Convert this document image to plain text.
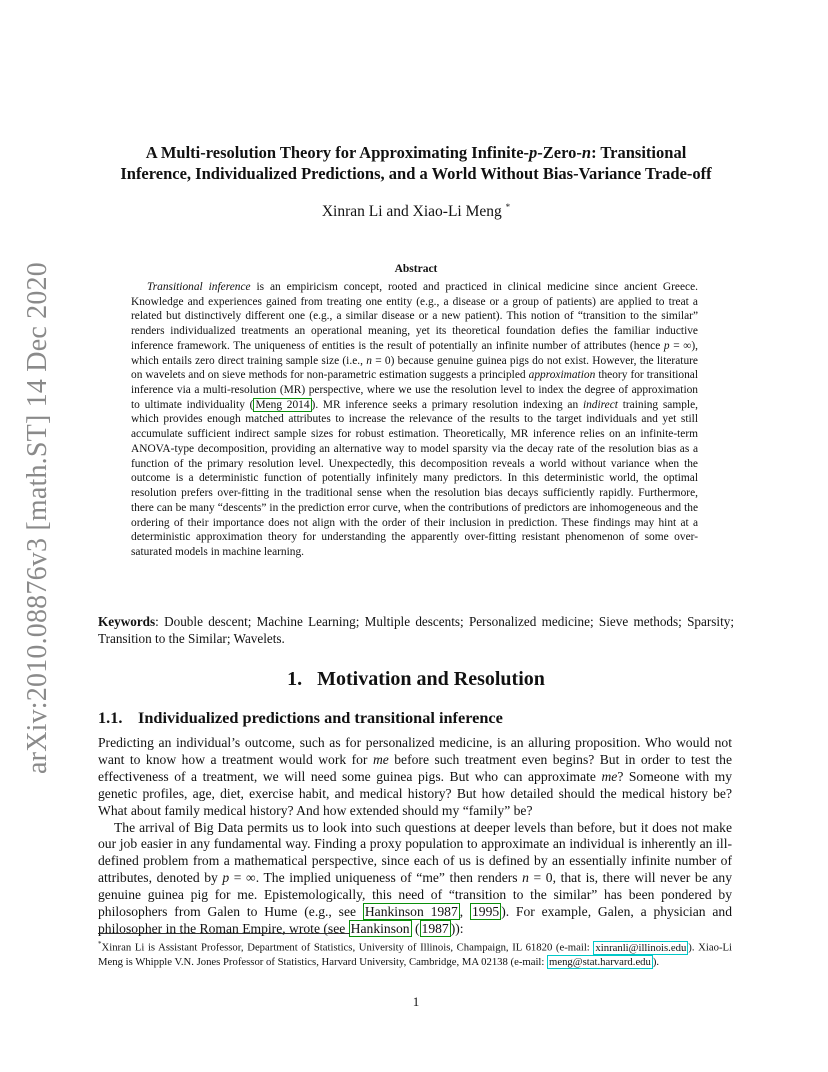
arXiv:2010.08876v3 [math.ST] 14 Dec 2020
A Multi-resolution Theory for Approximating Infinite-p-Zero-n: Transitional
Inference, Individualized Predictions, and a World Without Bias-Variance Trade-off
Xinran Li and Xiao-Li Meng *
Abstract

Transitional inference is an empiricism concept, rooted and practiced in clinical medicine since ancient Greece. Knowledge and experiences gained from treating one entity (e.g., a disease or a group of patients) are applied to treat a related but distinctively different one (e.g., a similar disease or a new patient). This notion of “transition to the similar” renders individualized treatments an operational meaning, yet its theoretical foundation defies the familiar inductive inference framework. The uniqueness of entities is the result of potentially an infinite number of attributes (hence p = ∞), which entails zero direct training sample size (i.e., n = 0) because genuine guinea pigs do not exist. However, the literature on wavelets and on sieve methods for non-parametric estimation suggests a principled approximation theory for transitional inference via a multi-resolution (MR) perspective, where we use the resolution level to index the degree of approximation to ultimate individuality ( Meng 2014 ). MR inference seeks a primary resolution indexing an indirect training sample, which provides enough matched attributes to increase the relevance of the results to the target individuals and yet still accumulate sufficient indirect sample sizes for robust estimation. Theoretically, MR inference relies on an infinite-term ANOVA-type decomposition, providing an alternative way to model sparsity via the decay rate of the resolution bias as a function of the primary resolution level. Unexpectedly, this decomposition reveals a world without variance when the outcome is a deterministic function of potentially infinitely many predictors. In this deterministic world, the optimal resolution prefers over-fitting in the traditional sense when the resolution bias decays sufficiently rapidly. Furthermore, there can be many “descents” in the prediction error curve, when the contributions of predictors are inhomogeneous and the ordering of their importance does not align with the order of their inclusion in prediction. These findings may hint at a deterministic approximation theory for understanding the apparently over-fitting resistant phenomenon of some over-saturated models in machine learning.

Keywords: Double descent; Machine Learning; Multiple descents; Personalized medicine; Sieve methods; Sparsity; Transition to the Similar; Wavelets.
1. Motivation and Resolution
1.1. Individualized predictions and transitional inference

Predicting an individual’s outcome, such as for personalized medicine, is an alluring proposition. Who would not want to know how a treatment would work for me before such treatment even begins? But in order to test the effectiveness of a treatment, we will need some guinea pigs. But who can approximate me? Someone with my genetic profiles, age, diet, exercise habit, and medical history? But how detailed should the medical history be? What about family medical history? And how extended should my “family” be?

The arrival of Big Data permits us to look into such questions at deeper levels than before, but it does not make our job easier in any fundamental way. Finding a proxy population to approximate an individual is inherently an ill-defined problem from a mathematical perspective, since each of us is defined by an essentially infinite number of attributes, denoted by p = ∞. The implied uniqueness of “me” then renders n = 0, that is, there will never be any genuine guinea pig for me. Epistemologically, this need of “transition to the similar” has been pondered by philosophers from Galen to Hume (e.g., see Hankinson 1987 , 1995 ). For example, Galen, a physician and philosopher in the Roman Empire, wrote (see Hankinson ( 1987 )):

*Xinran Li is Assistant Professor, Department of Statistics, University of Illinois, Champaign, IL 61820 (e-mail: xinranli@illinois.edu ). Xiao-Li Meng is Whipple V.N. Jones Professor of Statistics, Harvard University, Cambridge, MA 02138 (e-mail: meng@stat.harvard.edu ).
1
